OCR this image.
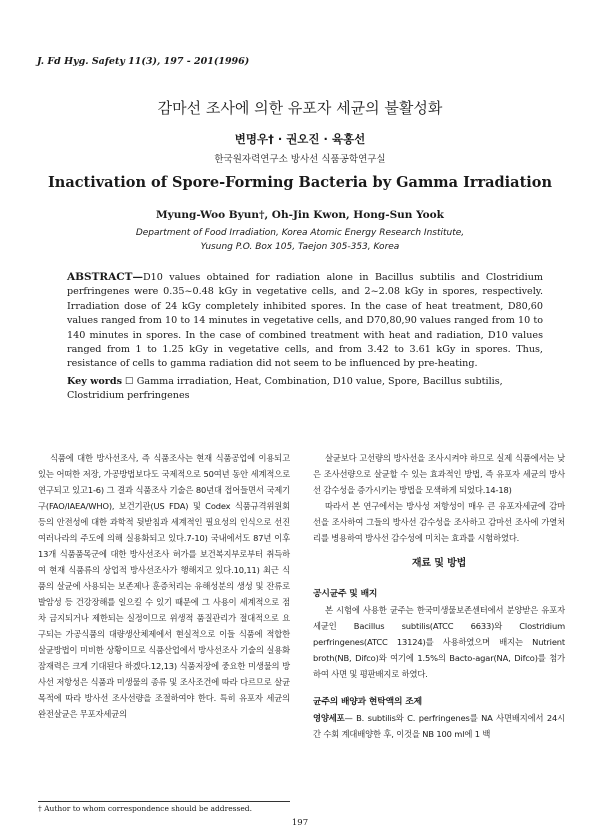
J. Fd Hyg. Safety 11(3), 197 - 201(1996)
감마선 조사에 의한 유포자 세균의 불활성화
변명우† · 권오진 · 육홍선
한국원자력연구소 방사선 식품공학연구실
Inactivation of Spore-Forming Bacteria by Gamma Irradiation
Myung-Woo Byun†, Oh-Jin Kwon, Hong-Sun Yook
Department of Food Irradiation, Korea Atomic Energy Research Institute,
Yusung P.O. Box 105, Taejon 305-353, Korea
ABSTRACT—D10 values obtained for radiation alone in Bacillus subtilis and Clostridium perfringenes were 0.35~0.48 kGy in vegetative cells, and 2~2.08 kGy in spores, respectively. Irradiation dose of 24 kGy completely inhibited spores. In the case of heat treatment, D80,60 values ranged from 10 to 14 minutes in vegetative cells, and D70,80,90 values ranged from 10 to 140 minutes in spores. In the case of combined treatment with heat and radiation, D10 values ranged from 1 to 1.25 kGy in vegetative cells, and from 3.42 to 3.61 kGy in spores. Thus, resistance of cells to gamma radiation did not seem to be influenced by pre-heating.
Key words ☐ Gamma irradiation, Heat, Combination, D10 value, Spore, Bacillus subtilis, Clostridium perfringenes

식품에 대한 방사선조사, 즉 식품조사는 현재 식품공업에 이용되고 있는 어떠한 저장, 가공방법보다도 국제적으로 50여년 동안 세계적으로 연구되고 있고1-6) 그 결과 식품조사 기술은 80년대 접어들면서 국제기구(FAO/IAEA/WHO), 보건기관(US FDA) 및 Codex 식품규격위원회 등의 안전성에 대한 과학적 뒷받침과 세계적인 필요성의 인식으로 선진 여러나라의 주도에 의해 실용화되고 있다.7-10) 국내에서도 87년 이후 13개 식품품목군에 대한 방사선조사 허가를 보건복지부로부터 취득하여 현재 식품류의 상업적 방사선조사가 행해지고 있다.10,11) 최근 식품의 살균에 사용되는 보존제나 훈증처리는 유해성분의 생성 및 잔류로 발암성 등 건강장해를 일으킬 수 있기 때문에 그 사용이 세계적으로 점차 금지되거나 제한되는 실정이므로 위생적 품질관리가 절대적으로 요구되는 가공식품의 대량생산체제에서 현실적으로 이들 식품에 적합한 살균방법이 미비한 상황이므로 식품산업에서 방사선조사 기술의 실용화 잠재력은 크게 기대된다 하겠다.12,13) 식품저장에 중요한 미생물의 방사선 저항성은 식품과 미생물의 종류 및 조사조건에 따라 다르므로 살균목적에 따라 방사선 조사선량을 조절하여야 한다. 특히 유포자 세균의 완전살균은 무포자세균의

살균보다 고선량의 방사선을 조사시켜야 하므로 실제 식품에서는 낮은 조사선량으로 살균할 수 있는 효과적인 방법, 즉 유포자 세균의 방사선 감수성을 증가시키는 방법을 모색하게 되었다.14-18)

따라서 본 연구에서는 방사성 저항성이 매우 큰 유포자세균에 감마선을 조사하여 그들의 방사선 감수성을 조사하고 감마선 조사에 가열처리를 병용하여 방사선 감수성에 미치는 효과를 시험하였다.

재료 및 방법
공시균주 및 배지

본 시험에 사용한 균주는 한국미생물보존센터에서 분양받은 유포자 세균인 Bacillus subtilis(ATCC 6633)와 Clostridium perfringenes(ATCC 13124)를 사용하였으며 배지는 Nutrient broth(NB, Difco)와 여기에 1.5%의 Bacto-agar(NA, Difco)를 첨가하여 사면 및 평판배지로 하였다.

균주의 배양과 현탁액의 조제

영양세포— B. subtilis와 C. perfringenes를 NA 사면배지에서 24시간 수회 계대배양한 후, 이것을 NB 100 ml에 1 백

† Author to whom correspondence should be addressed.
197
